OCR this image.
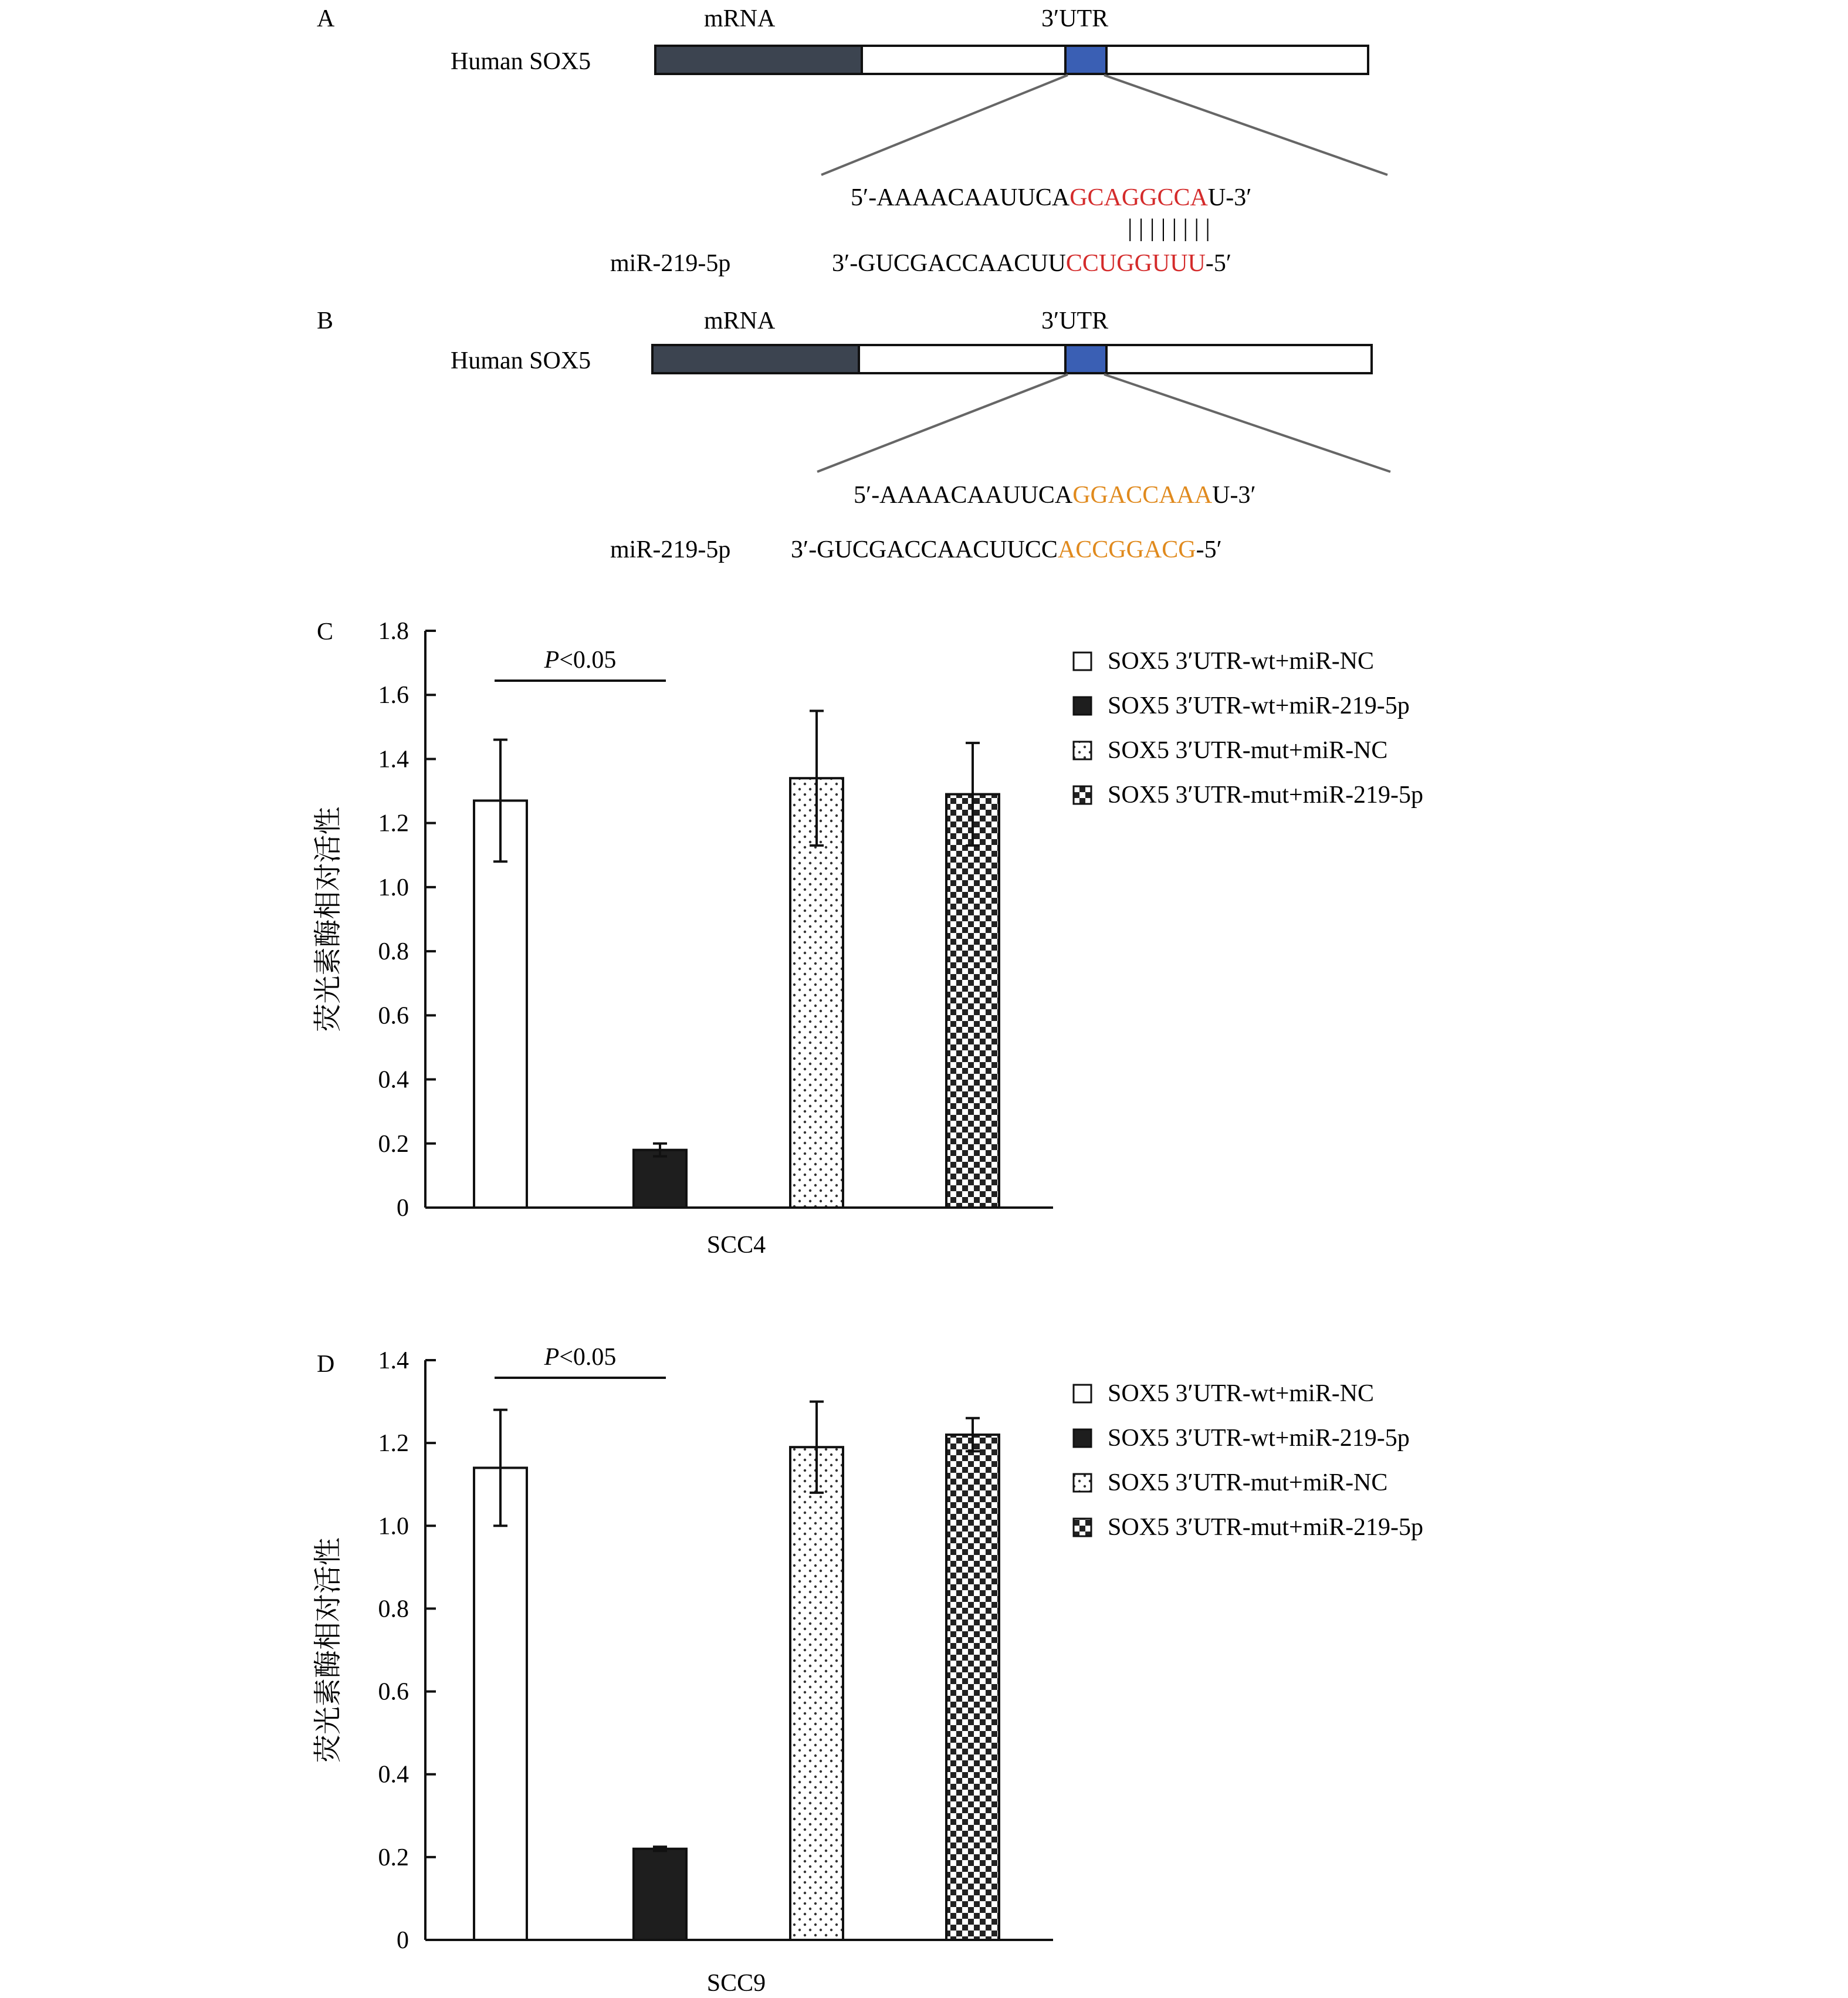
A	mRNA	3′UTR
Human SOX5
5′-AAAACAAUUCAGCAGGCCAU-3′
| | | | | | | |
miR-219-5p	3′-GUCGACCAACUUCCUGGUUU-5′
B	mRNA	3′UTR
Human SOX5
5′-AAAACAAUUCAGGACCAAAU-3′
miR-219-5p 3′-GUCGACCAACUUCCACCGGACG-5′
C
0
0.2
0.4
0.6
0.8
1.0
1.2
1.4
1.6
1.8
荧光素酶相对活性
SCC4
P<0.05	SOX5 3′UTR-wt+miR-NC
SOX5 3′UTR-wt+miR-219-5p
SOX5 3′UTR-mut+miR-NC
SOX5 3′UTR-mut+miR-219-5p
D
0
0.2
0.4
0.6
0.8
1.0
1.2
1.4
荧光素酶相对活性
SCC9
P<0.05
SOX5 3′UTR-wt+miR-NC
SOX5 3′UTR-wt+miR-219-5p
SOX5 3′UTR-mut+miR-NC
SOX5 3′UTR-mut+miR-219-5p
